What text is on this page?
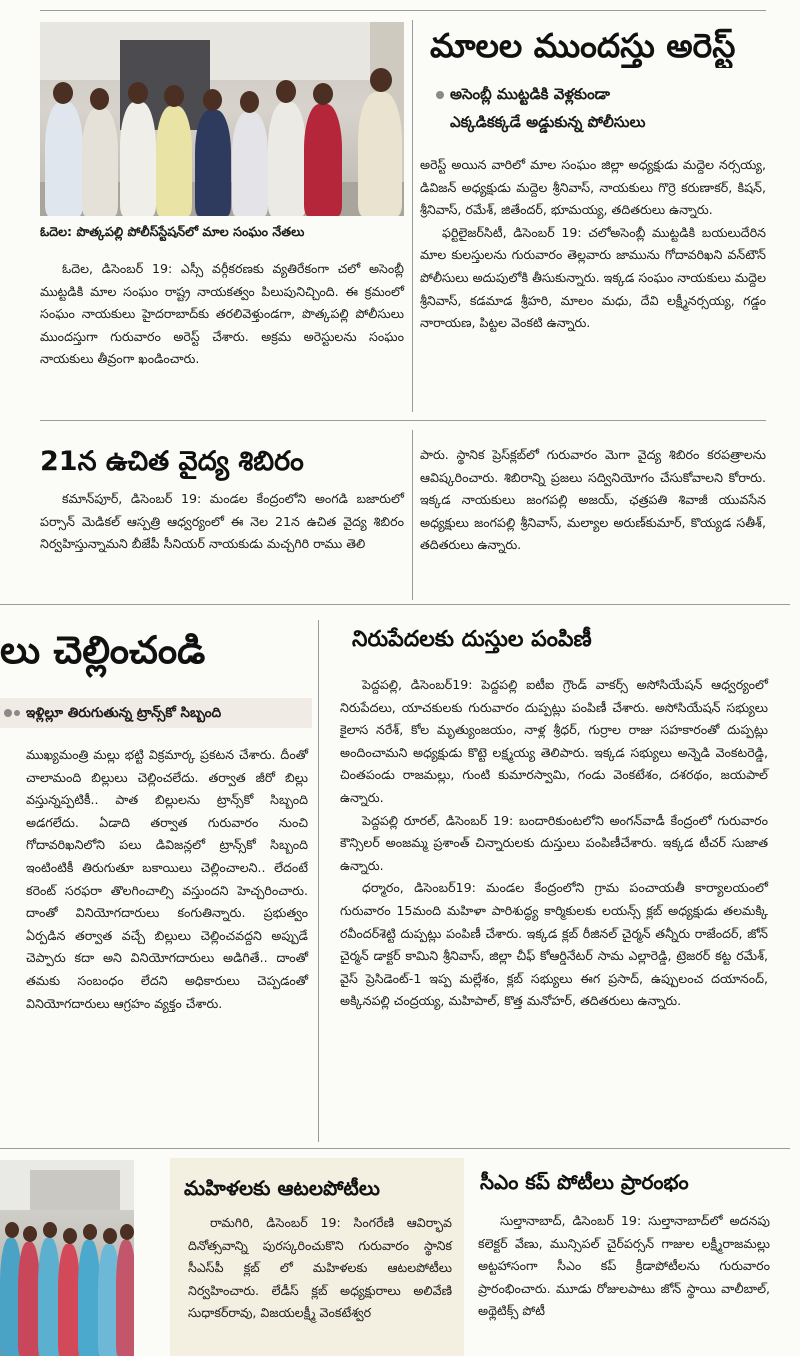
ఓదెల: పొత్కపల్లి పోలీస్‌స్టేషన్‌లో మాల సంఘం నేతలు
మాలల ముందస్తు అరెస్ట్
అసెంబ్లీ ముట్టడికి వెళ్లకుండా
ఎక్కడికక్కడే అడ్డుకున్న పోలీసులు

ఓదెల, డిసెంబర్ 19: ఎస్సీ వర్గీకరణకు వ్యతిరేకంగా చలో అసెంబ్లీ ముట్టడికి మాల సంఘం రాష్ట్ర నాయకత్వం పిలుపునిచ్చింది. ఈ క్రమంలో సంఘం నాయకులు హైదరాబాద్‌కు తరలివెళ్తుండగా, పొత్కపల్లి పోలీసులు ముందస్తుగా గురువారం అరెస్ట్ చేశారు. అక్రమ అరెస్టులను సంఘం నాయకులు తీవ్రంగా ఖండించారు.

అరెస్ట్ అయిన వారిలో మాల సంఘం జిల్లా అధ్యక్షుడు మద్దెల నర్సయ్య, డివిజన్ అధ్యక్షుడు మద్దెల శ్రీనివాస్, నాయకులు గొర్రె కరుణాకర్, కిషన్, శ్రీనివాస్, రమేశ్, జితేందర్, భూమయ్య, తదితరులు ఉన్నారు.

ఫర్టిలైజర్‌సిటీ, డిసెంబర్ 19: చలోఅసెంబ్లీ ముట్టడికి బయలుదేరిన మాల కులస్తులను గురువారం తెల్లవారు జామును గోదావరిఖని వన్‌టౌన్ పోలీసులు అదుపులోకి తీసుకున్నారు. ఇక్కడ సంఘం నాయకులు మద్దెల శ్రీనివాస్, కడమాడ శ్రీహరి, మాలం మధు, దేవి లక్ష్మీనర్సయ్య, గడ్డం నారాయణ, పిట్టల వెంకటి ఉన్నారు.

21న ఉచిత వైద్య శిబిరం

కమాన్‌పూర్, డిసెంబర్ 19: మండల కేంద్రంలోని అంగడి బజారులో పర్సాన్ మెడికల్ ఆస్పత్రి ఆధ్వర్యంలో ఈ నెల 21న ఉచిత వైద్య శిబిరం నిర్వహిస్తున్నామని బీజేపీ సీనియర్ నాయకుడు మచ్చగిరి రాము తెలి

పారు. స్థానిక ప్రెస్‌క్లబ్‌లో గురువారం మెగా వైద్య శిబిరం కరపత్రాలను ఆవిష్కరించారు. శిబిరాన్ని ప్రజలు సద్వినియోగం చేసుకోవాలని కోరారు. ఇక్కడ నాయకులు జంగపల్లి అజయ్, ఛత్రపతి శివాజీ యువసేన అధ్యక్షులు జంగపల్లి శ్రీనివాస్, మల్యాల అరుణ్‌కుమార్, కొయ్యడ సతీశ్, తదితరులు ఉన్నారు.

లు చెల్లించండి
ఇళ్లిల్లూ తిరుగుతున్న ట్రాన్స్‌కో సిబ్బంది

ముఖ్యమంత్రి మల్లు భట్టి విక్రమార్క ప్రకటన చేశారు. దీంతో చాలామంది బిల్లులు చెల్లించలేదు. తర్వాత జీరో బిల్లు వస్తున్నప్పటికీ.. పాత బిల్లులను ట్రాన్స్‌కో సిబ్బంది అడగలేదు. ఏడాది తర్వాత గురువారం నుంచి గోదావరిఖనిలోని పలు డివిజన్లలో ట్రాన్స్‌కో సిబ్బంది ఇంటింటికీ తిరుగుతూ బకాయిలు చెల్లించాలని.. లేదంటే కరెంట్ సరఫరా తొలగించాల్సి వస్తుందని హెచ్చరించారు. దాంతో వినియోగదారులు కంగుతిన్నారు. ప్రభుత్వం ఏర్పడిన తర్వాత వచ్చే బిల్లులు చెల్లించవద్దని అప్పుడే చెప్పారు కదా అని వినియోగదారులు అడిగితే.. దాంతో తమకు సంబంధం లేదని అధికారులు చెప్పడంతో వినియోగదారులు ఆగ్రహం వ్యక్తం చేశారు.

నిరుపేదలకు దుస్తుల పంపిణీ

పెద్దపల్లి, డిసెంబర్19: పెద్దపల్లి ఐటీఐ గ్రౌండ్ వాకర్స్ అసోసియేషన్ ఆధ్వర్యంలో నిరుపేదలు, యాచకులకు గురువారం దుప్పట్లు పంపిణీ చేశారు. అసోసియేషన్ సభ్యులు కైలాస నరేశ్, కోల మృత్యుంజయం, నాళ్ల శ్రీధర్, గుర్రాల రాజు సహకారంతో దుప్పట్లు అందించామని అధ్యక్షుడు కొట్టె లక్ష్మయ్య తెలిపారు. ఇక్కడ సభ్యులు అన్నెడి వెంకటరెడ్డి, చింతపండు రాజమల్లు, గుంటి కుమారస్వామి, గండు వెంకటేశం, దశరథం, జయపాల్ ఉన్నారు.

పెద్దపల్లి రూరల్, డిసెంబర్ 19: బందారికుంటలోని అంగన్‌వాడీ కేంద్రంలో గురువారం కౌన్సిలర్ అంజమ్మ ప్రశాంత్ చిన్నారులకు దుస్తులు పంపిణీచేశారు. ఇక్కడ టీచర్ సుజాత ఉన్నారు.

ధర్మారం, డిసెంబర్19: మండల కేంద్రంలోని గ్రామ పంచాయతీ కార్యాలయంలో గురువారం 15మంది మహిళా పారిశుద్ధ్య కార్మికులకు లయన్స్ క్లబ్ అధ్యక్షుడు తలమక్కి రవీందర్‌శెట్టి దుప్పట్లు పంపిణీ చేశారు. ఇక్కడ క్లబ్ రీజినల్ చైర్మన్ తన్నీరు రాజేందర్, జోన్ చైర్మన్ డాక్టర్ కామిని శ్రీనివాస్, జిల్లా చీఫ్ కోఆర్డినేటర్ సామ ఎల్లారెడ్డి, ట్రెజరర్ కట్ట రమేశ్, వైస్ ప్రెసిడెంట్-1 ఇప్ప మల్లేశం, క్లబ్ సభ్యులు ఈగ ప్రసాద్, ఉప్పులంచ దయానంద్, అక్కినపల్లి చంద్రయ్య, మహిపాల్, కొత్త మనోహర్, తదితరులు ఉన్నారు.

మహిళలకు ఆటలపోటీలు

రామగిరి, డిసెంబర్ 19: సింగరేణి ఆవిర్భావ దినోత్సవాన్ని పురస్కరించుకొని గురువారం స్థానిక సీఎస్‌పీ క్లబ్ లో మహిళలకు ఆటలపోటీలు నిర్వహించారు. లేడీస్ క్లబ్ అధ్యక్షురాలు అలివేణి సుధాకర్‌రావు, విజయలక్ష్మీ వెంకటేశ్వర

సీఎం కప్ పోటీలు ప్రారంభం

సుల్తానాబాద్, డిసెంబర్ 19: సుల్తానాబాద్‌లో అదనపు కలెక్టర్ వేణు, మున్సిపల్ చైర్‌పర్సన్ గాజుల లక్ష్మీరాజమల్లు అట్టహాసంగా సీఎం కప్ క్రీడాపోటీలను గురువారం ప్రారంభించారు. మూడు రోజులపాటు జోన్ స్థాయి వాలీబాల్, అథ్లెటిక్స్ పోటీ
